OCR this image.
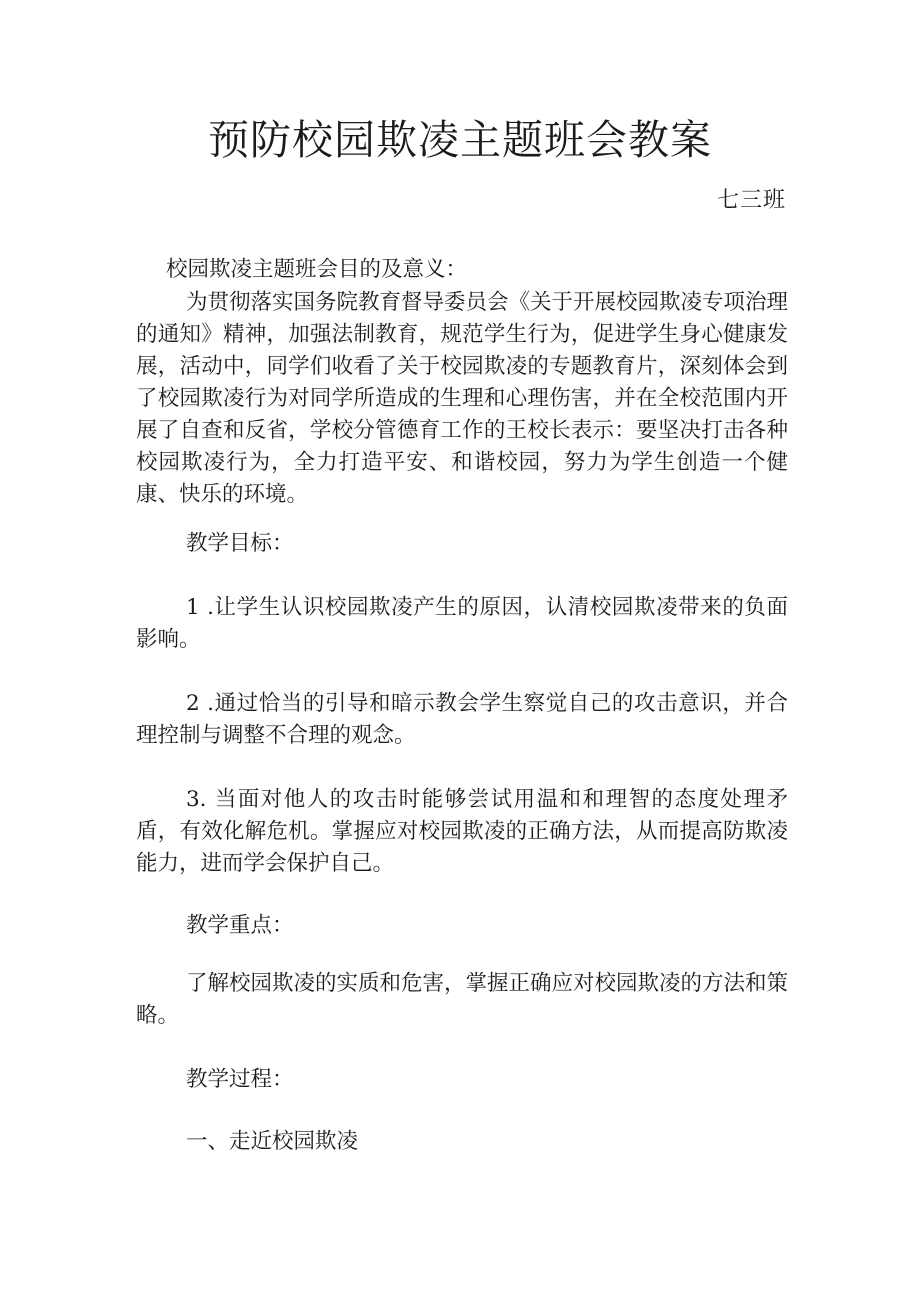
预防校园欺凌主题班会教案
七三班

校园欺凌主题班会目的及意义：

为贯彻落实国务院教育督导委员会《关于开展校园欺凌专项治理的通知》精神，加强法制教育，规范学生行为，促进学生身心健康发展，活动中，同学们收看了关于校园欺凌的专题教育片，深刻体会到了校园欺凌行为对同学所造成的生理和心理伤害，并在全校范围内开展了自查和反省，学校分管德育工作的王校长表示：要坚决打击各种校园欺凌行为，全力打造平安、和谐校园，努力为学生创造一个健康、快乐的环境。

教学目标：

1 .让学生认识校园欺凌产生的原因，认清校园欺凌带来的负面影响。

2 .通过恰当的引导和暗示教会学生察觉自己的攻击意识，并合理控制与调整不合理的观念。

3. 当面对他人的攻击时能够尝试用温和和理智的态度处理矛盾，有效化解危机。掌握应对校园欺凌的正确方法，从而提高防欺凌能力，进而学会保护自己。

教学重点：

了解校园欺凌的实质和危害，掌握正确应对校园欺凌的方法和策略。

教学过程：

一、走近校园欺凌
